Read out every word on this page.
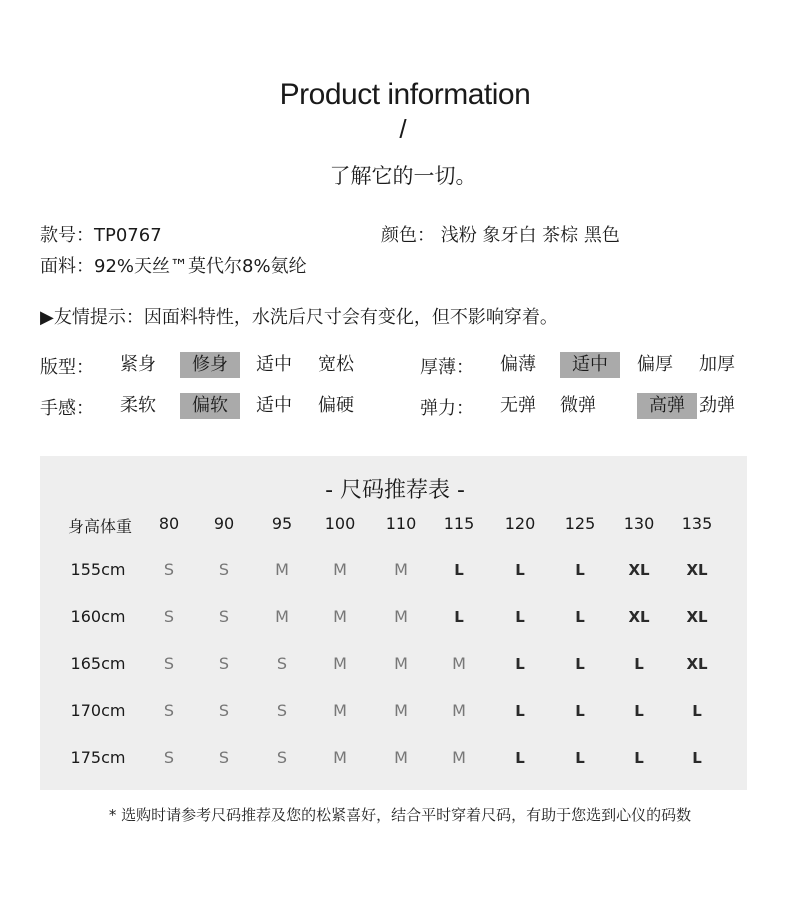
Product information
/
了解它的一切。
款号：TP0767	颜色： 浅粉 象牙白 茶棕 黑色
面料：92%天丝™莫代尔8%氨纶
▶友情提示：因面料特性，水洗后尺寸会有变化，但不影响穿着。
版型： 紧身	修身	适中 宽松	厚薄： 偏薄	适中	偏厚 加厚
手感： 柔软	偏软	适中 偏硬	弹力： 无弹 微弹	高弹 劲弹
- 尺码推荐表 -
身高体重	80	90	95	100	110	115	120	125	130	135
155cm	S	S	M	M	M	L	L	L	XL	XL
160cm	S	S	M	M	M	L	L	L	XL	XL
165cm	S	S	S	M	M	M	L	L	L	XL
170cm	S	S	S	M	M	M	L	L	L	L
175cm	S	S	S	M	M	M	L	L	L	L
* 选购时请参考尺码推荐及您的松紧喜好，结合平时穿着尺码，有助于您选到心仪的码数
